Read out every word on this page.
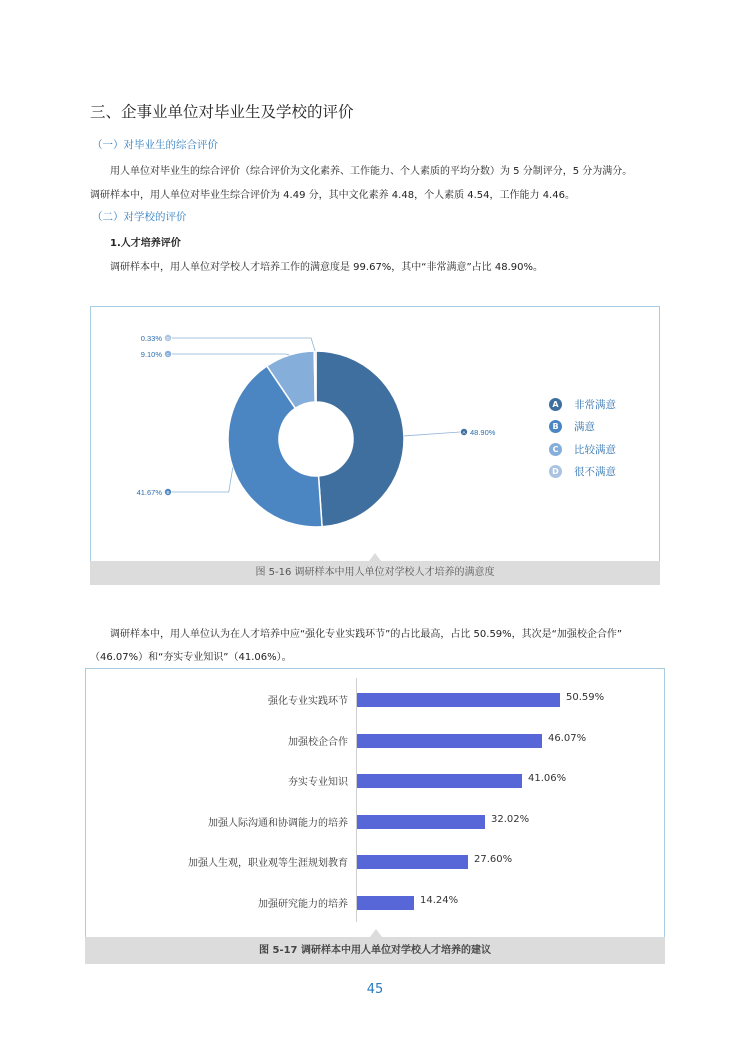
三、企事业单位对毕业生及学校的评价
（一）对毕业生的综合评价
用人单位对毕业生的综合评价（综合评价为文化素养、工作能力、个人素质的平均分数）为 5 分制评分，5 分为满分。
调研样本中，用人单位对毕业生综合评价为 4.49 分，其中文化素养 4.48，个人素质 4.54，工作能力 4.46。
（二）对学校的评价
1.人才培养评价
调研样本中，用人单位对学校人才培养工作的满意度是 99.67%，其中“非常满意”占比 48.90%。
A 48.90%
B
41.67%
C
9.10%
D
0.33%
图 5-16 调研样本中用人单位对学校人才培养的满意度
A	非常满意
B	满意
C	比较满意
D	很不满意
调研样本中，用人单位认为在人才培养中应“强化专业实践环节”的占比最高，占比 50.59%，其次是“加强校企合作”
（46.07%）和“夯实专业知识”（41.06%）。
强化专业实践环节	50.59%
加强校企合作	46.07%
夯实专业知识	41.06%
加强人际沟通和协调能力的培养	32.02%
加强人生观，职业观等生涯规划教育	27.60%
加强研究能力的培养	14.24%
图 5-17 调研样本中用人单位对学校人才培养的建议
45
